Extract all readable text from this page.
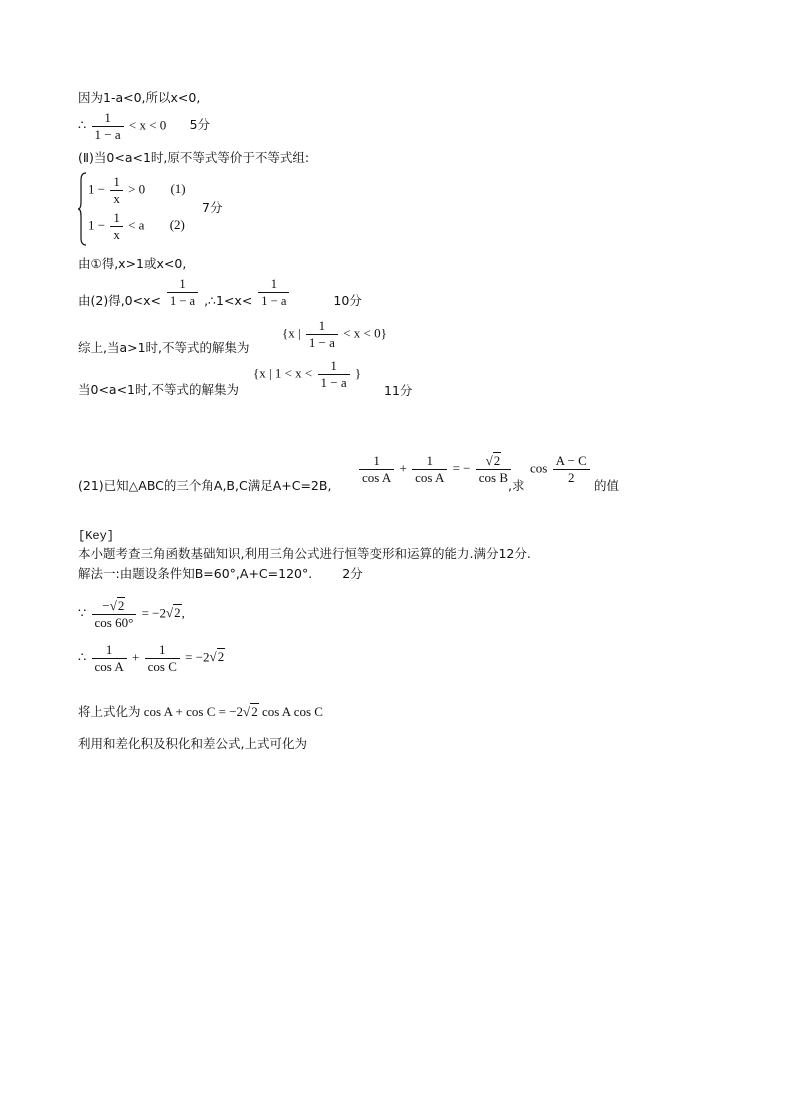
因为1-a<0,所以x<0,
∴ $\frac{1}{1 - a} < x < 0$ 5分
(Ⅱ)当0<a<1时,原不等式等价于不等式组:
$1 - \frac{1}{x} > 0$ (1)
7分
$1 - \frac{1}{x} < a$ (2)
由①得,x>1或x<0,
由(2)得$,0<x< \frac{1}{1 - a}$ ,∴1<x< $\frac{1}{1 - a}$	10分
综上,当a>1时,不等式的解集为
{x | $\frac{1}{1 - a} < x < 0$}
当0<a<1时,不等式的解集为
{x | $1 < x < \frac{1}{1 - a}$ }
11分
(21)已知△ABC的三个角A,B,C满足A+C=2B, $\frac{1}{\text{cos A}} + \frac{1}{\text{cos A}}$ = − $\frac{√2}{\text{cos B}}$
,求
$\cos \frac{A - C}{2}$ 的值
[Key]
本小题考查三角函数基础知识,利用三角公式进行恒等变形和运算的能力.满分12分.
解法一:由题设条件知B=60°,A+C=120°. 2分
∵ $\frac{-√2}{\cos 60^\circ} = -2√2$,
∴ $\frac{1}{\text{cos A}} + \frac{1}{\text{cos C}} = -2√2$
将上式化为 cos A + cos C = −2√2 cos A cos C
利用和差化积及积化和差公式,上式可化为
